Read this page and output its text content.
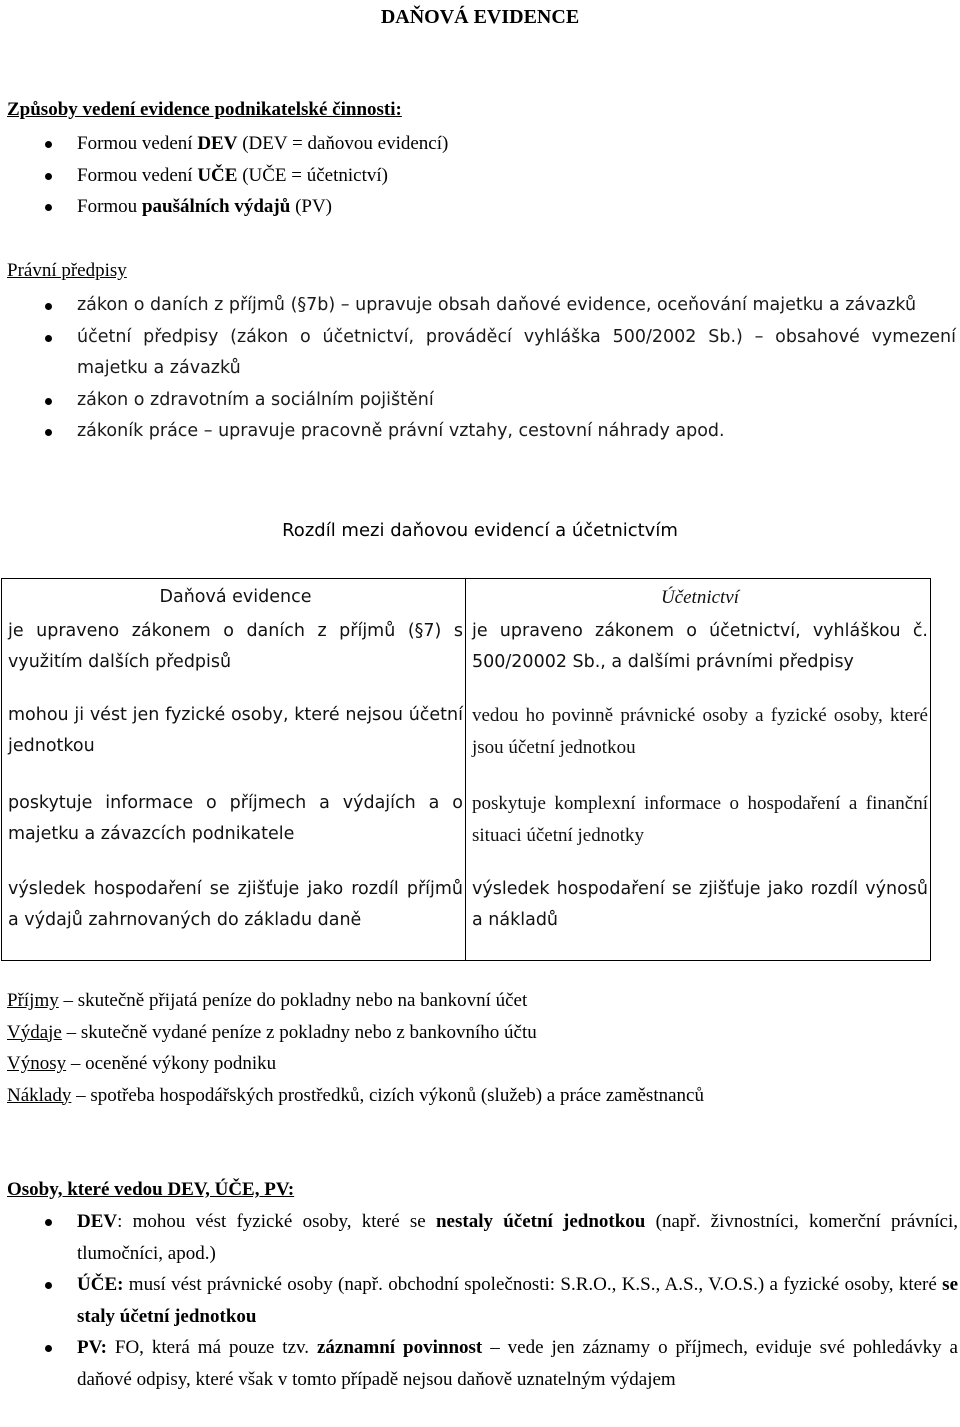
DAŇOVÁ EVIDENCE
Způsoby vedení evidence podnikatelské činnosti:
Formou vedení DEV (DEV = daňovou evidencí)
Formou vedení UČE (UČE = účetnictví)
Formou paušálních výdajů (PV)
Právní předpisy
zákon o daních z příjmů (§7b) – upravuje obsah daňové evidence, oceňování majetku a závazků
účetní předpisy (zákon o účetnictví, prováděcí vyhláška 500/2002 Sb.) – obsahové vymezení majetku a závazků
zákon o zdravotním a sociálním pojištění
zákoník práce – upravuje pracovně právní vztahy, cestovní náhrady apod.
Rozdíl mezi daňovou evidencí a účetnictvím
Daňová evidence	Účetnictví
je upraveno zákonem o daních z příjmů (§7) s využitím dalších předpisů	je upraveno zákonem o účetnictví, vyhláškou č. 500/20002 Sb., a dalšími právními předpisy
mohou ji vést jen fyzické osoby, které nejsou účetní jednotkou	vedou ho povinně právnické osoby a fyzické osoby, které jsou účetní jednotkou
poskytuje informace o příjmech a výdajích a o majetku a závazcích podnikatele	poskytuje komplexní informace o hospodaření a finanční situaci účetní jednotky
výsledek hospodaření se zjišťuje jako rozdíl příjmů a výdajů zahrnovaných do základu daně	výsledek hospodaření se zjišťuje jako rozdíl výnosů a nákladů
Příjmy – skutečně přijatá peníze do pokladny nebo na bankovní účet
Výdaje – skutečně vydané peníze z pokladny nebo z bankovního účtu
Výnosy – oceněné výkony podniku
Náklady – spotřeba hospodářských prostředků, cizích výkonů (služeb) a práce zaměstnanců
Osoby, které vedou DEV, ÚČE, PV:
DEV: mohou vést fyzické osoby, které se nestaly účetní jednotkou (např. živnostníci, komerční právníci, tlumočníci, apod.)
ÚČE: musí vést právnické osoby (např. obchodní společnosti: S.R.O., K.S., A.S., V.O.S.) a fyzické osoby, které se staly účetní jednotkou
PV: FO, která má pouze tzv. záznamní povinnost – vede jen záznamy o příjmech, eviduje své pohledávky a daňové odpisy, které však v tomto případě nejsou daňově uznatelným výdajem
